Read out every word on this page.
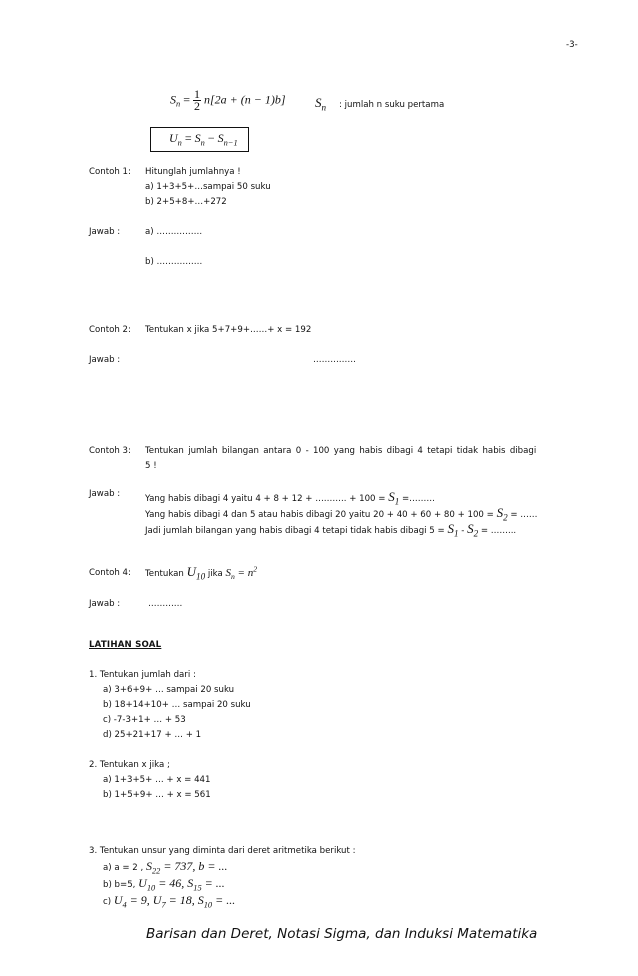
-3-
$S_n = \frac{1}{2} n[2a + (n - 1)b]$ $S_n$ : jumlah n suku pertama
$U_n = S_n - S_{n-1}$
Contoh 1: Hitunglah jumlahnya !
a) 1+3+5+…sampai 50 suku
b) 2+5+8+…+272
Jawab :	a) …………….
b) …………….
Contoh 2: Tentukan x jika 5+7+9+……+ x = 192
Jawab :	……………
Contoh 3: Tentukan jumlah bilangan antara 0 - 100 yang habis dibagi 4 tetapi tidak habis dibagi
5 !
Jawab :	Yang habis dibagi 4 yaitu 4 + 8 + 12 + ……….. + $100 = S_1$ =………
Yang habis dibagi 4 dan 5 atau habis dibagi 20 yaitu $20 + 40 + 60 + 80 + 100 = S_2$ = ……
Jadi jumlah bilangan yang habis dibagi 4 tetapi tidak habis dibagi $5 = S_1 - S_2$ = ……...
Contoh 4: Tentukan $U_{10}$ jika $S_n = n^2$
Jawab :	…………
LATIHAN SOAL
1. Tentukan jumlah dari :
a) 3+6+9+ … sampai 20 suku
b) 18+14+10+ … sampai 20 suku
c) -7-3+1+ … + 53
d) 25+21+17 + … + 1
2. Tentukan x jika ;
a) 1+3+5+ … + x = 441
b) 1+5+9+ … + x = 561
3. Tentukan unsur yang diminta dari deret aritmetika berikut :
a) a = 2 , $S_{22} = 737$, b = ...
b) b=5, $U_{10} = 46$, $S_{15}$ = ...
c) $U_4 = 9$, $U_7 = 18$, $S_{10}$ = ...
Barisan dan Deret, Notasi Sigma, dan Induksi Matematika
